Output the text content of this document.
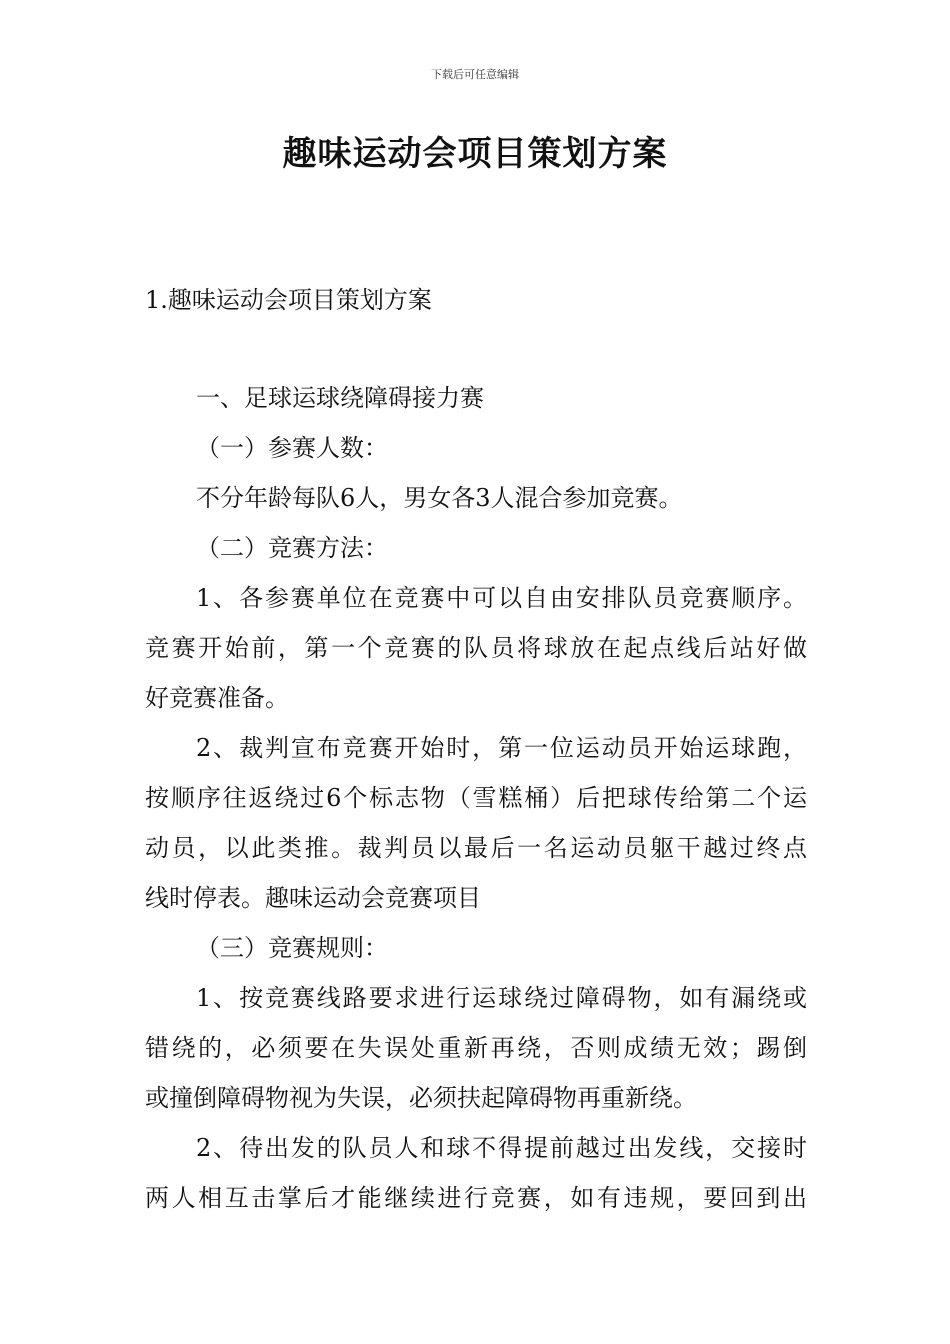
下载后可任意编辑
趣味运动会项目策划方案
1.趣味运动会项目策划方案
一、足球运球绕障碍接力赛
（一）参赛人数：
不分年龄每队6人，男女各3人混合参加竞赛。
（二）竞赛方法：
1、各参赛单位在竞赛中可以自由安排队员竞赛顺序。
竞赛开始前，第一个竞赛的队员将球放在起点线后站好做
好竞赛准备。
2、裁判宣布竞赛开始时，第一位运动员开始运球跑，
按顺序往返绕过6个标志物（雪糕桶）后把球传给第二个运
动员，以此类推。裁判员以最后一名运动员躯干越过终点
线时停表。趣味运动会竞赛项目
（三）竞赛规则：
1、按竞赛线路要求进行运球绕过障碍物，如有漏绕或
错绕的，必须要在失误处重新再绕，否则成绩无效；踢倒
或撞倒障碍物视为失误，必须扶起障碍物再重新绕。
2、待出发的队员人和球不得提前越过出发线，交接时
两人相互击掌后才能继续进行竞赛，如有违规，要回到出
